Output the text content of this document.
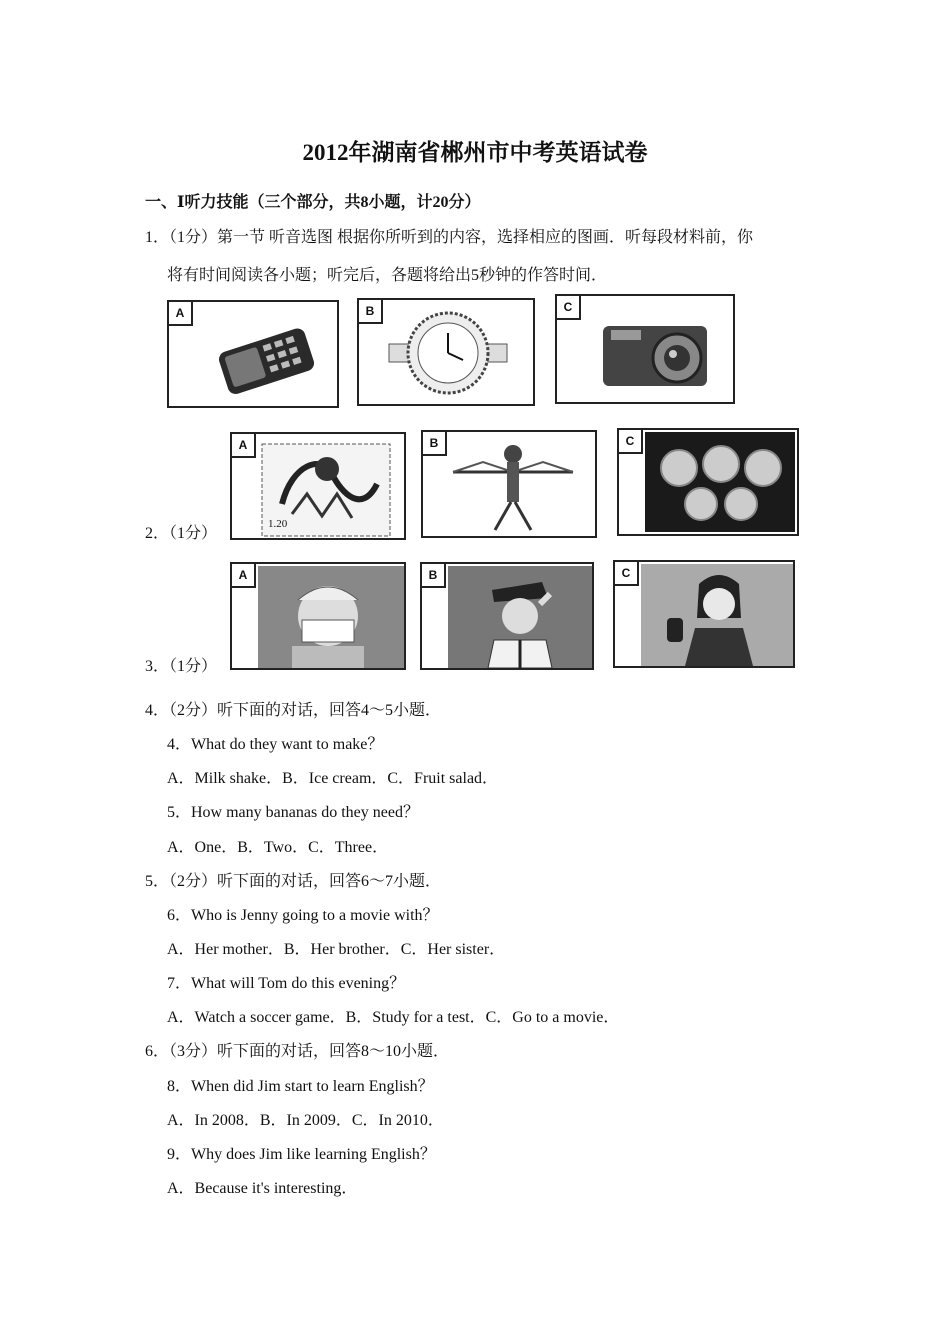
2012年湖南省郴州市中考英语试卷
一、Ⅰ听力技能（三个部分，共8小题，计20分）
1．（1分）第一节 听音选图 根据你所听到的内容，选择相应的图画．听每段材料前，你
将有时间阅读各小题；听完后，各题将给出5秒钟的作答时间．
A	B	C
2．（1分）
A
1.20
B	C
3．（1分）
A	B	C
4．（2分）听下面的对话，回答4～5小题．
4．What do they want to make？
A．Milk shake．B．Ice cream．C．Fruit salad．
5．How many bananas do they need？
A．One．B．Two．C．Three．
5．（2分）听下面的对话，回答6～7小题．
6．Who is Jenny going to a movie with？
A．Her mother．B．Her brother．C．Her sister．
7．What will Tom do this evening？
A．Watch a soccer game．B．Study for a test．C．Go to a movie．
6．（3分）听下面的对话，回答8～10小题．
8．When did Jim start to learn English？
A．In 2008．B．In 2009．C．In 2010．
9．Why does Jim like learning English？
A．Because it's interesting．
